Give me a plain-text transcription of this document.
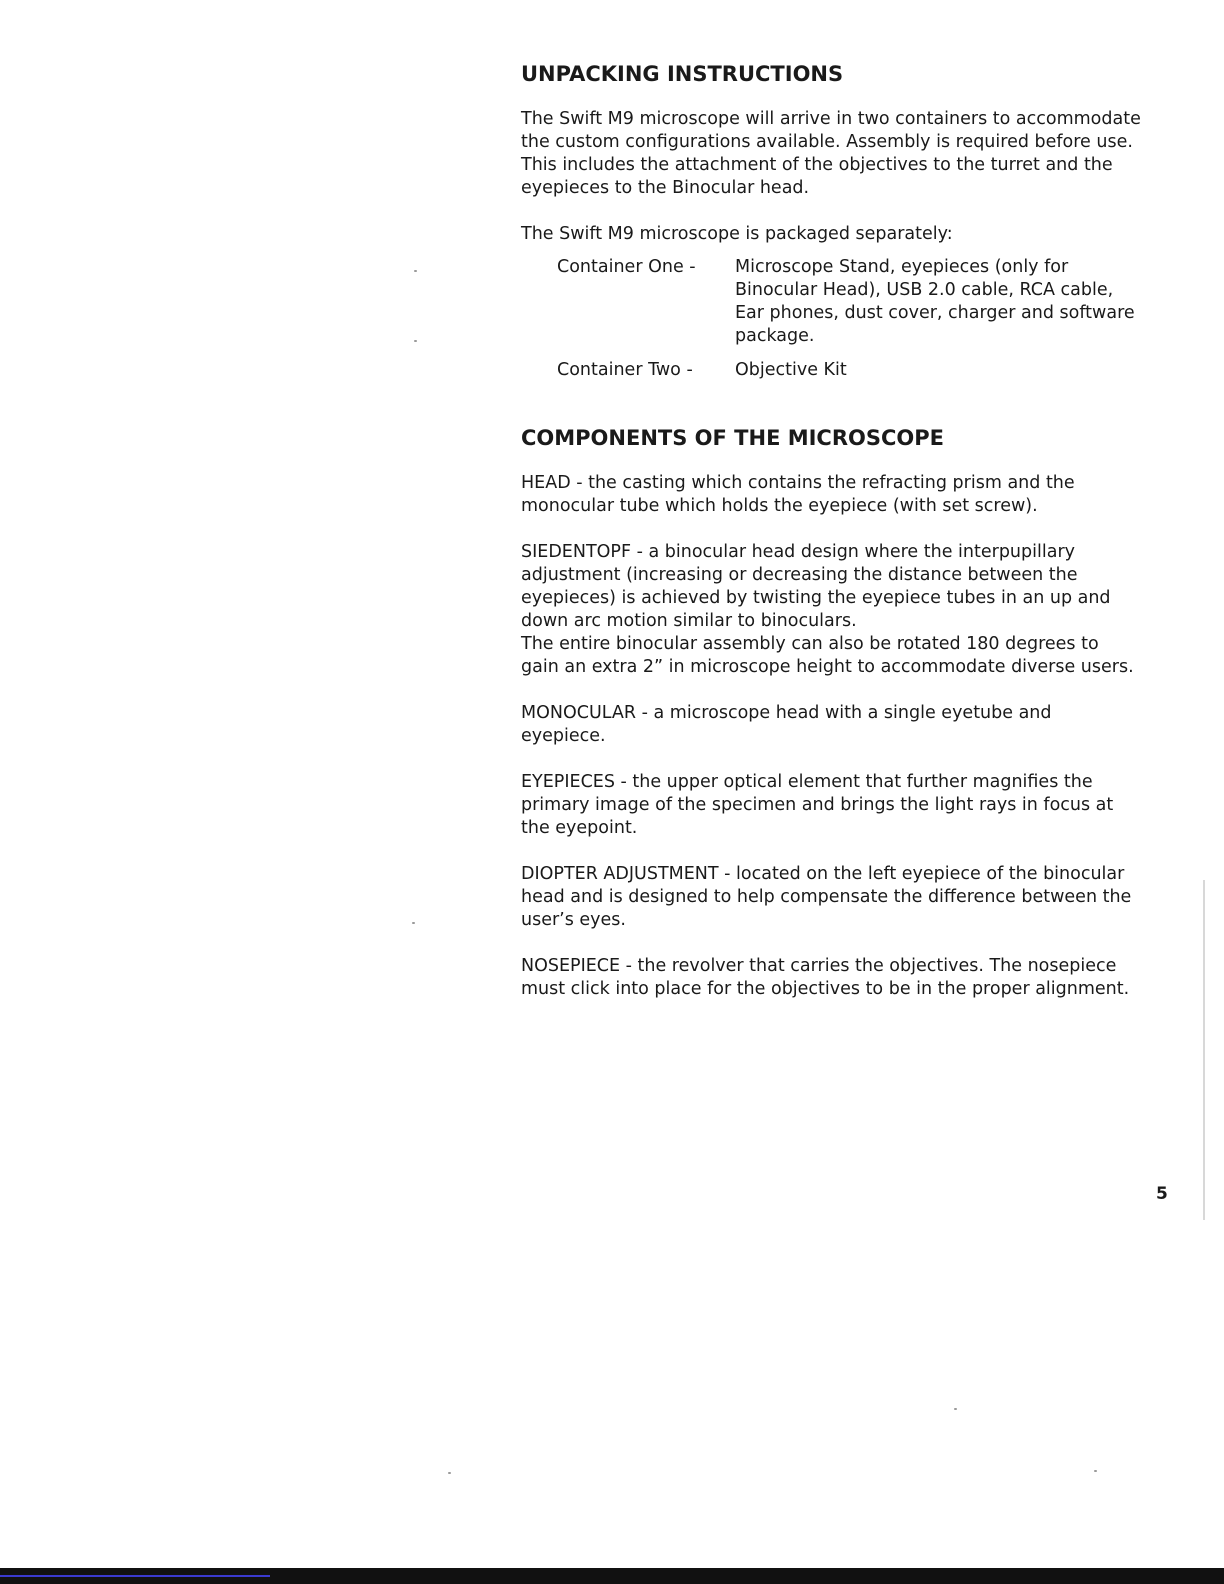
UNPACKING INSTRUCTIONS

The Swift M9 microscope will arrive in two containers to accommodate the custom configurations available. Assembly is required before use. This includes the attachment of the objectives to the turret and the eyepieces to the Binocular head.

The Swift M9 microscope is packaged separately:

Container One -	Microscope Stand, eyepieces (only for Binocular Head), USB 2.0 cable, RCA cable, Ear phones, dust cover, charger and software package.
Container Two -	Objective Kit
COMPONENTS OF THE MICROSCOPE

HEAD - the casting which contains the refracting prism and the monocular tube which holds the eyepiece (with set screw).

SIEDENTOPF - a binocular head design where the interpupillary adjustment (increasing or decreasing the distance between the eyepieces) is achieved by twisting the eyepiece tubes in an up and down arc motion similar to binoculars.

The entire binocular assembly can also be rotated 180 degrees to gain an extra 2” in microscope height to accommodate diverse users.

MONOCULAR - a microscope head with a single eyetube and eyepiece.

EYEPIECES - the upper optical element that further magnifies the primary image of the specimen and brings the light rays in focus at the eyepoint.

DIOPTER ADJUSTMENT - located on the left eyepiece of the binocular head and is designed to help compensate the difference between the user’s eyes.

NOSEPIECE - the revolver that carries the objectives. The nosepiece must click into place for the objectives to be in the proper alignment.

5
